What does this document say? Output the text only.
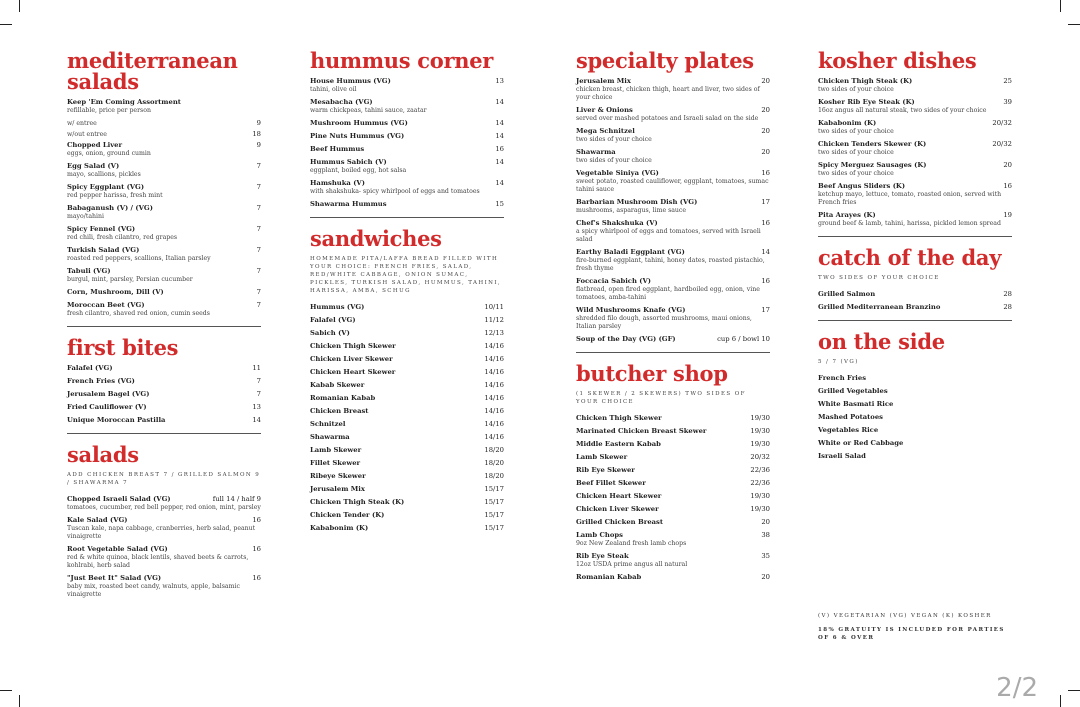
mediterranean salads
Keep 'Em Coming Assortment
refillable, price per person
w/ entree	9
w/out entree	18
Chopped Liver	9
eggs, onion, ground cumin
Egg Salad (V)	7
mayo, scallions, pickles
Spicy Eggplant (VG)	7
red pepper harissa, fresh mint
Babaganush (V) / (VG)	7
mayo/tahini
Spicy Fennel (VG)	7
red chili, fresh cilantro, red grapes
Turkish Salad (VG)	7
roasted red peppers, scallions, Italian parsley
Tabuli (VG)	7
burgul, mint, parsley, Persian cucumber
Corn, Mushroom, Dill (V)	7
Moroccan Beet (VG)	7
fresh cilantro, shaved red onion, cumin seeds
first bites
Falafel (VG)	11
French Fries (VG)	7
Jerusalem Bagel (VG)	7
Fried Cauliflower (V)	13
Unique Moroccan Pastilla	14
salads
ADD CHICKEN BREAST 7 / GRILLED SALMON 9 / SHAWARMA 7
Chopped Israeli Salad (VG)	full 14 / half 9
tomatoes, cucumber, red bell pepper, red onion, mint, parsley
Kale Salad (VG)	16
Tuscan kale, napa cabbage, cranberries, herb salad, peanut vinaigrette
Root Vegetable Salad (VG)	16
red & white quinoa, black lentils, shaved beets & carrots, kohlrabi, herb salad
"Just Beet It" Salad (VG)	16
baby mix, roasted beet candy, walnuts, apple, balsamic vinaigrette
hummus corner
House Hummus (VG)	13
tahini, olive oil
Mesabacha (VG)	14
warm chickpeas, tahini sauce, zaatar
Mushroom Hummus (VG)	14
Pine Nuts Hummus (VG)	14
Beef Hummus	16
Hummus Sabich (V)	14
eggplant, boiled egg, hot salsa
Hamshuka (V)	14
with shakshuka- spicy whirlpool of eggs and tomatoes
Shawarma Hummus	15
sandwiches
HOMEMADE PITA/LAFFA BREAD FILLED WITH YOUR CHOICE: FRENCH FRIES, SALAD, RED/WHITE CABBAGE, ONION SUMAC, PICKLES, TURKISH SALAD, HUMMUS, TAHINI, HARISSA, AMBA, SCHUG
Hummus (VG)	10/11
Falafel (VG)	11/12
Sabich (V)	12/13
Chicken Thigh Skewer	14/16
Chicken Liver Skewer	14/16
Chicken Heart Skewer	14/16
Kabab Skewer	14/16
Romanian Kabab	14/16
Chicken Breast	14/16
Schnitzel	14/16
Shawarma	14/16
Lamb Skewer	18/20
Fillet Skewer	18/20
Ribeye Skewer	18/20
Jerusalem Mix	15/17
Chicken Thigh Steak (K)	15/17
Chicken Tender (K)	15/17
Kababonim (K)	15/17
specialty plates
Jerusalem Mix	20
chicken breast, chicken thigh, heart and liver, two sides of your choice
Liver & Onions	20
served over mashed potatoes and Israeli salad on the side
Mega Schnitzel	20
two sides of your choice
Shawarma	20
two sides of your choice
Vegetable Siniya (VG)	16
sweet potato, roasted cauliflower, eggplant, tomatoes, sumac tahini sauce
Barbarian Mushroom Dish (VG)	17
mushrooms, asparagus, lime sauce
Chef's Shakshuka (V)	16
a spicy whirlpool of eggs and tomatoes, served with Israeli salad
Earthy Baladi Eggplant (VG)	14
fire-burned eggplant, tahini, honey dates, roasted pistachio, fresh thyme
Foccacia Sabich (V)	16
flatbread, open fired eggplant, hardboiled egg, onion, vine tomatoes, amba-tahini
Wild Mushrooms Knafe (VG)	17
shredded filo dough, assorted mushrooms, maui onions, Italian parsley
Soup of the Day (VG) (GF)	cup 6 / bowl 10
butcher shop
(1 SKEWER / 2 SKEWERS) TWO SIDES OF YOUR CHOICE
Chicken Thigh Skewer	19/30
Marinated Chicken Breast Skewer	19/30
Middle Eastern Kabab	19/30
Lamb Skewer	20/32
Rib Eye Skewer	22/36
Beef Fillet Skewer	22/36
Chicken Heart Skewer	19/30
Chicken Liver Skewer	19/30
Grilled Chicken Breast	20
Lamb Chops	38
9oz New Zealand fresh lamb chops
Rib Eye Steak	35
12oz USDA prime angus all natural
Romanian Kabab	20
kosher dishes
Chicken Thigh Steak (K)	25
two sides of your choice
Kosher Rib Eye Steak (K)	39
16oz angus all natural steak, two sides of your choice
Kababonim (K)	20/32
two sides of your choice
Chicken Tenders Skewer (K)	20/32
two sides of your choice
Spicy Merguez Sausages (K)	20
two sides of your choice
Beef Angus Sliders (K)	16
ketchup mayo, lettuce, tomato, roasted onion, served with French fries
Pita Arayes (K)	19
ground beef & lamb, tahini, harissa, pickled lemon spread
catch of the day
TWO SIDES OF YOUR CHOICE
Grilled Salmon	28
Grilled Mediterranean Branzino	28
on the side
5 / 7 (VG)
French Fries
Grilled Vegetables
White Basmati Rice
Mashed Potatoes
Vegetables Rice
White or Red Cabbage
Israeli Salad
(V) VEGETARIAN (VG) VEGAN (K) KOSHER
18% GRATUITY IS INCLUDED FOR PARTIES OF 6 & OVER
2/2
